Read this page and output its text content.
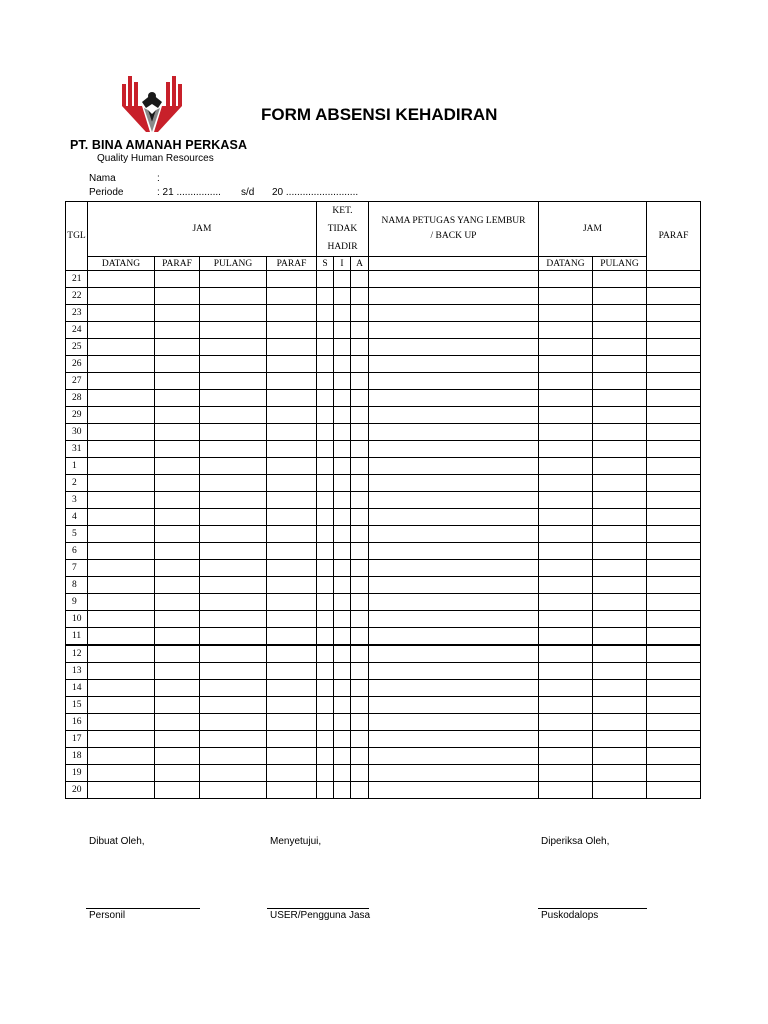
PT. BINA AMANAH PERKASA
Quality Human Resources
FORM ABSENSI KEHADIRAN
Nama	:
Periode	: 21 ................ s/d 20 ..........................
TGL	JAM				KET. TIDAK HADIR			NAMA PETUGAS YANG LEMBUR / BACK UP	JAM		PARAF
	DATANG	PARAF	PULANG	PARAF	S	I	A		DATANG	PULANG	
21											
22											
23											
24											
25											
26											
27											
28											
29											
30											
31											
1											
2											
3											
4											
5											
6											
7											
8											
9											
10											
11											
12											
13											
14											
15											
16											
17											
18											
19											
20											
Dibuat Oleh,	Menyetujui,	Diperiksa Oleh,
Personil	USER/Pengguna Jasa	Puskodalops
